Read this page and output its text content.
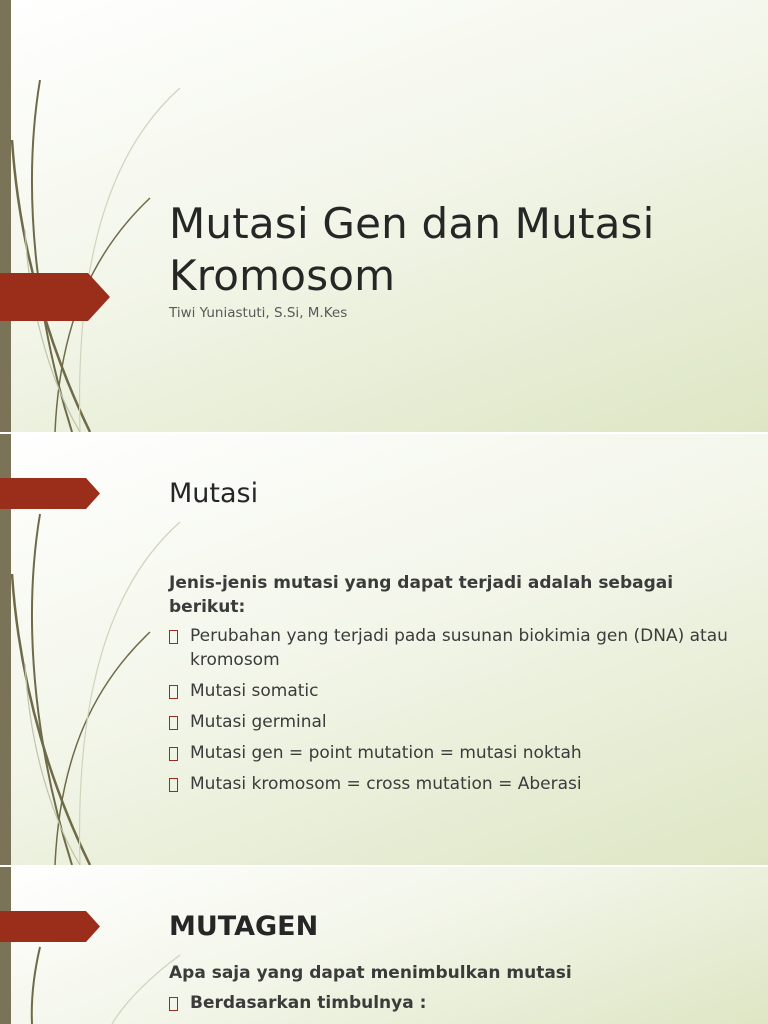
Mutasi Gen dan Mutasi Kromosom

Tiwi Yuniastuti, S.Si, M.Kes

Mutasi

Jenis-jenis mutasi yang dapat terjadi adalah sebagai berikut:

Perubahan yang terjadi pada susunan biokimia gen (DNA) atau kromosom
Mutasi somatic
Mutasi germinal
Mutasi gen = point mutation = mutasi noktah
Mutasi kromosom = cross mutation = Aberasi
MUTAGEN

Apa saja yang dapat menimbulkan mutasi

Berdasarkan timbulnya :
